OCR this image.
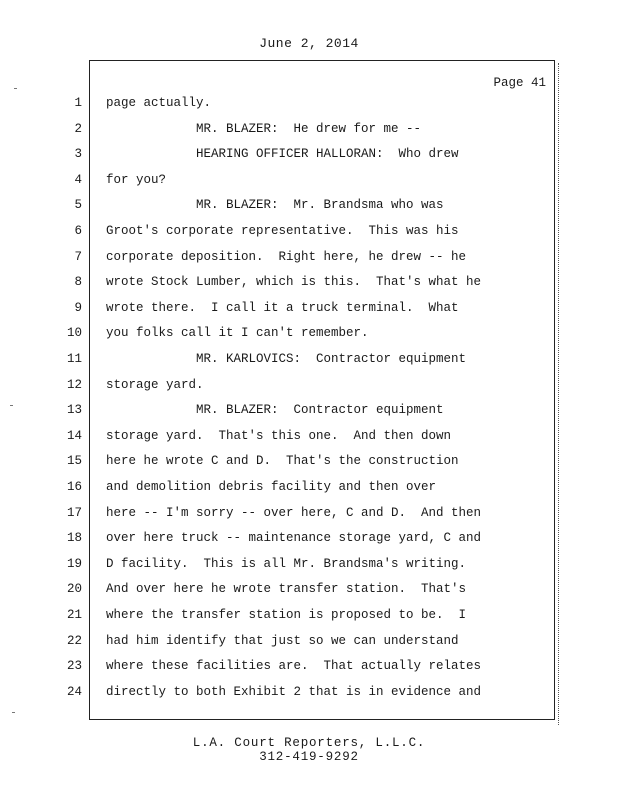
June 2, 2014
Page 41
1 page actually.
2 MR. BLAZER:  He drew for me --
3 HEARING OFFICER HALLORAN:  Who drew
4 for you?
5 MR. BLAZER:  Mr. Brandsma who was
6 Groot's corporate representative.  This was his
7 corporate deposition.  Right here, he drew -- he
8 wrote Stock Lumber, which is this.  That's what he
9 wrote there.  I call it a truck terminal.  What
10 you folks call it I can't remember.
11 MR. KARLOVICS:  Contractor equipment
12 storage yard.
13 MR. BLAZER:  Contractor equipment
14 storage yard.  That's this one.  And then down
15 here he wrote C and D.  That's the construction
16 and demolition debris facility and then over
17 here -- I'm sorry -- over here, C and D.  And then
18 over here truck -- maintenance storage yard, C and
19 D facility.  This is all Mr. Brandsma's writing.
20 And over here he wrote transfer station.  That's
21 where the transfer station is proposed to be.  I
22 had him identify that just so we can understand
23 where these facilities are.  That actually relates
24 directly to both Exhibit 2 that is in evidence and
L.A. Court Reporters, L.L.C.
312-419-9292
